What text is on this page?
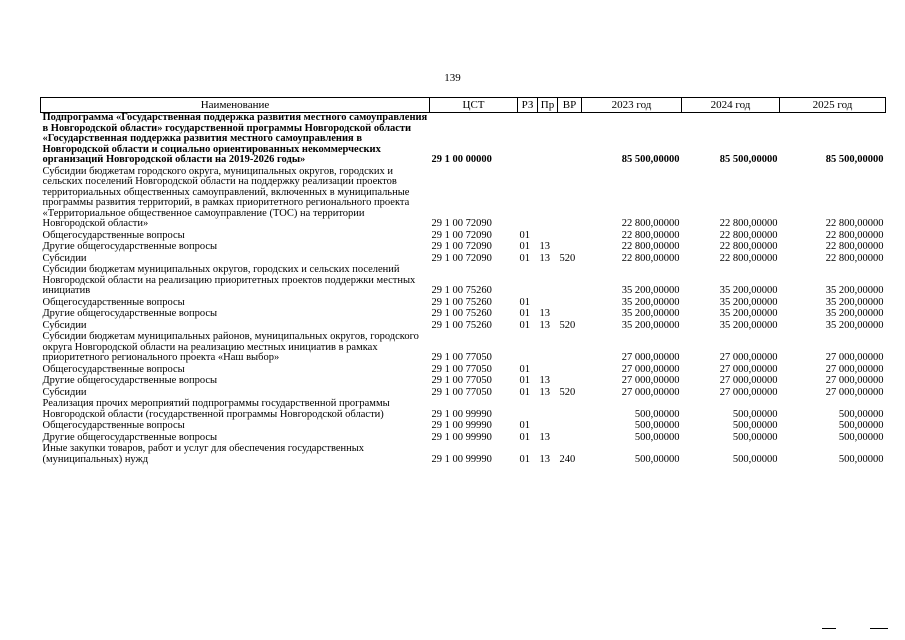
139
Наименование	ЦСТ	РЗ	Пр	ВР	2023 год	2024 год	2025 год
Подпрограмма «Государственная поддержка развития местного самоуправления в Новгородской области» государственной программы Новгородской области «Государственная поддержка развития местного самоуправления в Новгородской области и социально ориентированных некоммерческих организаций Новгородской области на 2019-2026 годы»	29 1 00 00000				85 500,00000	85 500,00000	85 500,00000
Субсидии бюджетам городского округа, муниципальных округов, городских и сельских поселений Новгородской области на поддержку реализации проектов территориальных общественных самоуправлений, включенных в муниципальные программы развития территорий, в рамках приоритетного регионального проекта «Территориальное общественное самоуправление (ТОС) на территории Новгородской области»	29 1 00 72090				22 800,00000	22 800,00000	22 800,00000
Общегосударственные вопросы	29 1 00 72090	01			22 800,00000	22 800,00000	22 800,00000
Другие общегосударственные вопросы	29 1 00 72090	01	13		22 800,00000	22 800,00000	22 800,00000
Субсидии	29 1 00 72090	01	13	520	22 800,00000	22 800,00000	22 800,00000
Субсидии бюджетам муниципальных округов, городских и сельских поселений Новгородской области на реализацию приоритетных проектов поддержки местных инициатив	29 1 00 75260				35 200,00000	35 200,00000	35 200,00000
Общегосударственные вопросы	29 1 00 75260	01			35 200,00000	35 200,00000	35 200,00000
Другие общегосударственные вопросы	29 1 00 75260	01	13		35 200,00000	35 200,00000	35 200,00000
Субсидии	29 1 00 75260	01	13	520	35 200,00000	35 200,00000	35 200,00000
Субсидии бюджетам муниципальных районов, муниципальных округов, городского округа Новгородской области на реализацию местных инициатив в рамках приоритетного регионального проекта «Наш выбор»	29 1 00 77050				27 000,00000	27 000,00000	27 000,00000
Общегосударственные вопросы	29 1 00 77050	01			27 000,00000	27 000,00000	27 000,00000
Другие общегосударственные вопросы	29 1 00 77050	01	13		27 000,00000	27 000,00000	27 000,00000
Субсидии	29 1 00 77050	01	13	520	27 000,00000	27 000,00000	27 000,00000
Реализация прочих мероприятий подпрограммы государственной программы Новгородской области (государственной программы Новгородской области)	29 1 00 99990				500,00000	500,00000	500,00000
Общегосударственные вопросы	29 1 00 99990	01			500,00000	500,00000	500,00000
Другие общегосударственные вопросы	29 1 00 99990	01	13		500,00000	500,00000	500,00000
Иные закупки товаров, работ и услуг для обеспечения государственных (муниципальных) нужд	29 1 00 99990	01	13	240	500,00000	500,00000	500,00000
